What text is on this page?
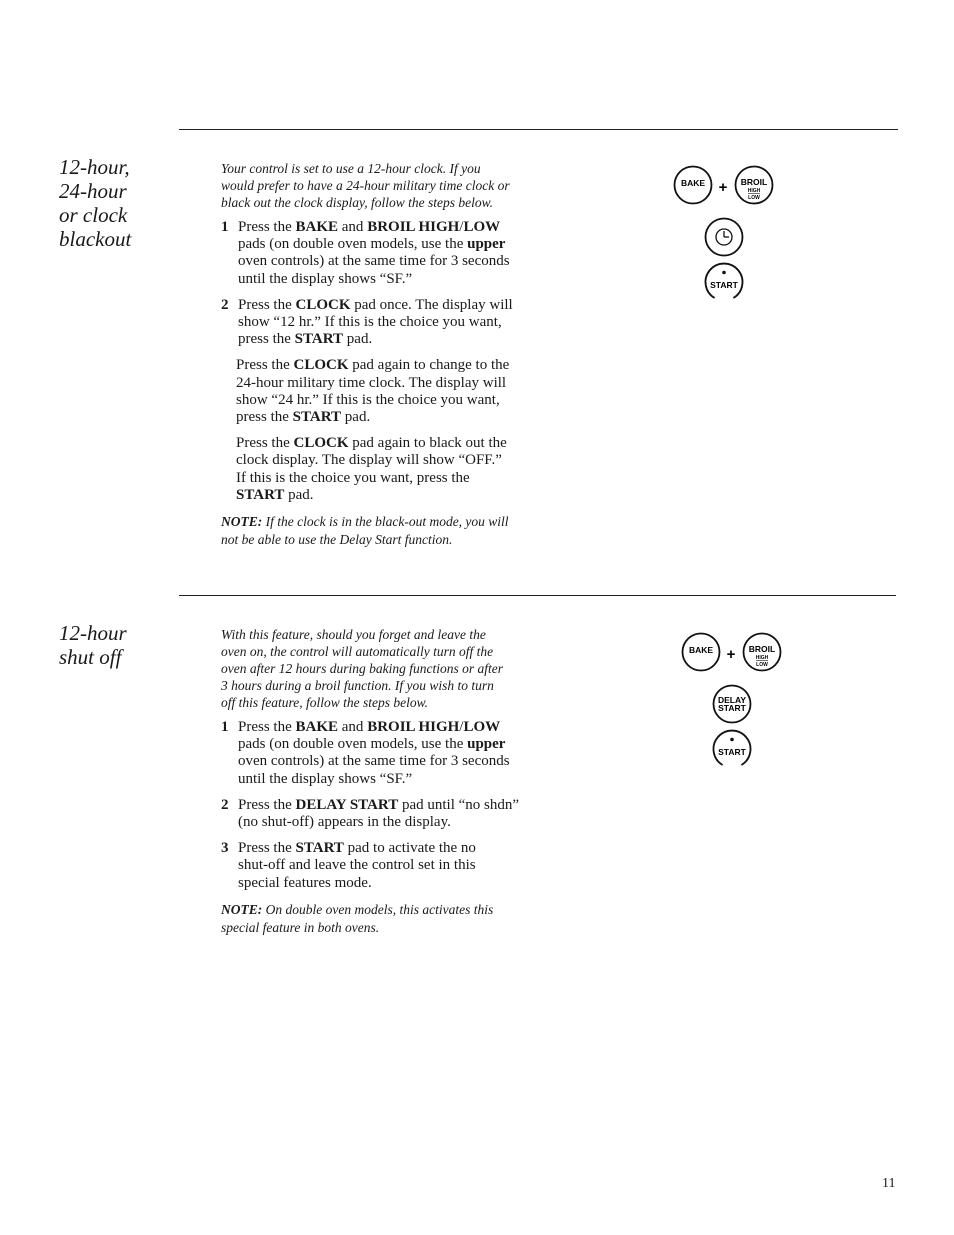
12-hour,
24-hour
or clock
blackout

Your control is set to use a 12-hour clock. If you
would prefer to have a 24-hour military time clock or
black out the clock display, follow the steps below.

1 Press the BAKE and BROIL HIGH/LOW
pads (on double oven models, use the upper
oven controls) at the same time for 3 seconds
until the display shows “SF.”
2 Press the CLOCK pad once. The display will
show “12 hr.” If this is the choice you want,
press the START pad.
Press the CLOCK pad again to change to the
24-hour military time clock. The display will
show “24 hr.” If this is the choice you want,
press the START pad.
Press the CLOCK pad again to black out the
clock display. The display will show “OFF.”
If this is the choice you want, press the
START pad.
NOTE: If the clock is in the black-out mode, you will
not be able to use the Delay Start function.
BAKE + BROIL
HIGH
LOW
START
12-hour
shut off

With this feature, should you forget and leave the
oven on, the control will automatically turn off the
oven after 12 hours during baking functions or after
3 hours during a broil function. If you wish to turn
off this feature, follow the steps below.

1 Press the BAKE and BROIL HIGH/LOW
pads (on double oven models, use the upper
oven controls) at the same time for 3 seconds
until the display shows “SF.”
2 Press the DELAY START pad until “no shdn”
(no shut-off) appears in the display.
3 Press the START pad to activate the no
shut-off and leave the control set in this
special features mode.
NOTE: On double oven models, this activates this
special feature in both ovens.
BAKE + BROIL
HIGH
LOW
DELAY
START
START
11
